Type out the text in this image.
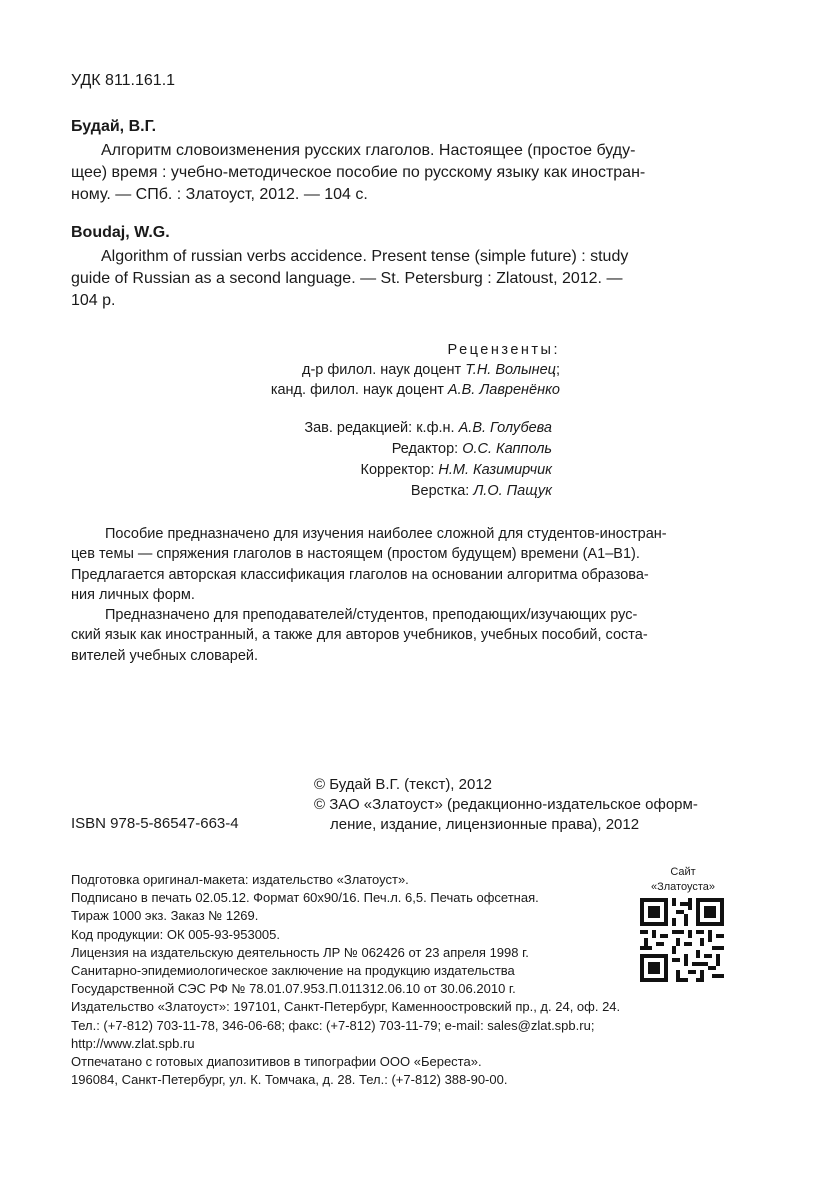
УДК 811.161.1
Будай, В.Г.
Алгоритм словоизменения русских глаголов. Настоящее (простое буду-
щее) время : учебно-методическое пособие по русскому языку как иностран-
ному. — СПб. : Златоуст, 2012. — 104 с.
Boudaj, W.G.
Algorithm of russian verbs accidence. Present tense (simple future) : study
guide of Russian as a second language. — St. Petersburg : Zlatoust, 2012. —
104 p.
Рецензенты:
д-р филол. наук доцент Т.Н. Волынец;
канд. филол. наук доцент А.В. Лавренёнко
Зав. редакцией: к.ф.н. А.В. Голубева
Редактор: О.С. Капполь
Корректор: Н.М. Казимирчик
Верстка: Л.О. Пащук
Пособие предназначено для изучения наиболее сложной для студентов-иностран-
цев темы — спряжения глаголов в настоящем (простом будущем) времени (А1–В1).
Предлагается авторская классификация глаголов на основании алгоритма образова-
ния личных форм.
Предназначено для преподавателей/студентов, преподающих/изучающих рус-
ский язык как иностранный, а также для авторов учебников, учебных пособий, соста-
вителей учебных словарей.
© Будай В.Г. (текст), 2012
© ЗАО «Златоуст» (редакционно-издательское оформ-
ление, издание, лицензионные права), 2012
ISBN 978-5-86547-663-4
Подготовка оригинал-макета: издательство «Златоуст».
Подписано в печать 02.05.12. Формат 60х90/16. Печ.л. 6,5. Печать офсетная.
Тираж 1000 экз. Заказ № 1269.
Код продукции: ОК 005-93-953005.
Лицензия на издательскую деятельность ЛР № 062426 от 23 апреля 1998 г.
Санитарно-эпидемиологическое заключение на продукцию издательства
Государственной СЭС РФ № 78.01.07.953.П.011312.06.10 от 30.06.2010 г.
Издательство «Златоуст»: 197101, Санкт-Петербург, Каменноостровский пр., д. 24, оф. 24.
Тел.: (+7-812) 703-11-78, 346-06-68; факс: (+7-812) 703-11-79; e-mail: sales@zlat.spb.ru;
http://www.zlat.spb.ru
Отпечатано с готовых диапозитивов в типографии ООО «Береста».
196084, Санкт-Петербург, ул. К. Томчака, д. 28. Тел.: (+7-812) 388-90-00.
Сайт
«Златоуста»
